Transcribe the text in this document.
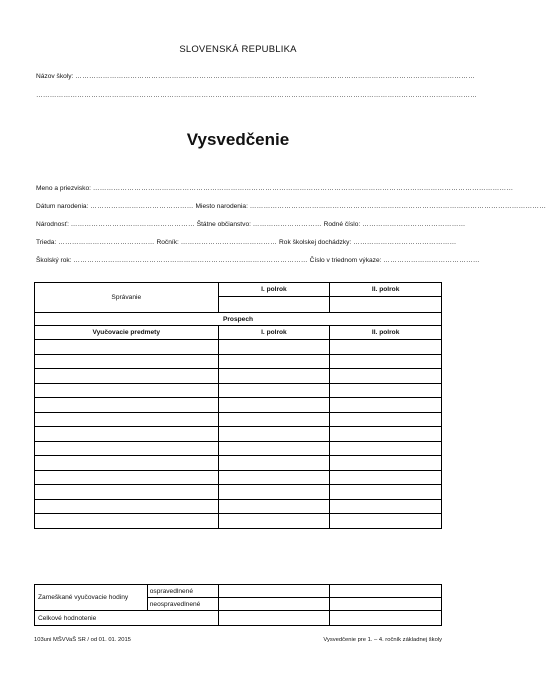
SLOVENSKÁ REPUBLIKA
Názov školy: …………………………………………………………………………………………………………………………………………………………
…………………………………………………………………………………………………………………………………………………………………………
Vysvedčenie
Meno a priezvisko: …………………………………………………………………………………………………………………………………………………………………
Dátum narodenia: ……………………………………… Miesto narodenia: …………………………………………………………………………………………………………………
Národnosť: ……………………………………………… Štátne občianstvo: ………………………… Rodné číslo: ………………………………………
Trieda: …………………………………… Ročník: …………………………………… Rok školskej dochádzky: ………………………………………
Školský rok: ………………………………………………………………………………………… Číslo v triednom výkaze: ……………………………………
Správanie	I. polrok	II. polrok

Prospech		
Vyučovacie predmety	I. polrok	II. polrok

Zameškané vyučovacie hodiny	ospravedlnené		
	neospravedlnené		
Celkové hodnotenie			
103uni MŠVVaŠ SR / od 01. 01. 2015	Vysvedčenie pre 1. – 4. ročník základnej školy
